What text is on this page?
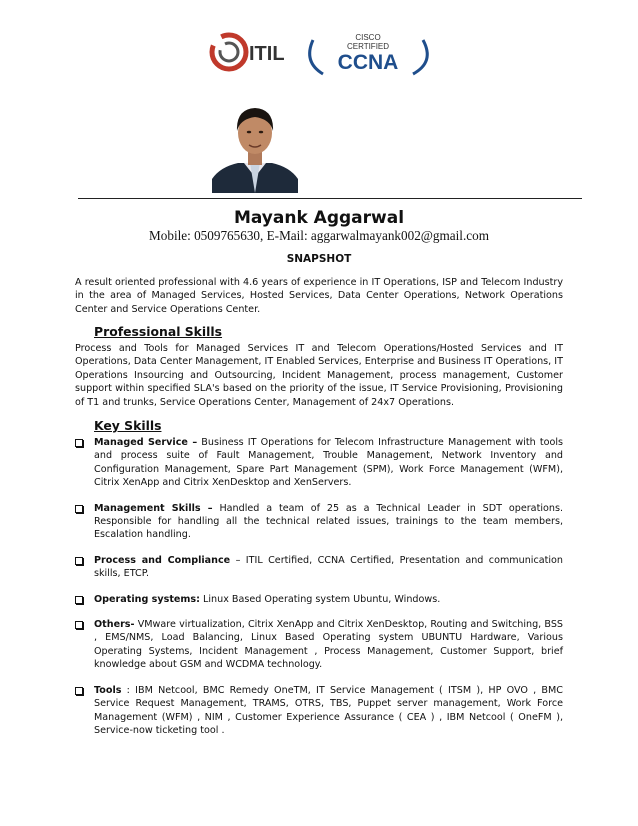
ITIL
CISCO
CERTIFIED
CCNA
Mayank Aggarwal
Mobile: 0509765630, E-Mail: aggarwalmayank002@gmail.com
SNAPSHOT
A result oriented professional with 4.6 years of experience in IT Operations, ISP and Telecom Industry in the area of Managed Services, Hosted Services, Data Center Operations, Network Operations Center and Service Operations Center.
Professional Skills
Process and Tools for Managed Services IT and Telecom Operations/Hosted Services and IT Operations, Data Center Management, IT Enabled Services, Enterprise and Business IT Operations, IT Operations Insourcing and Outsourcing, Incident Management, process management, Customer support within specified SLA's based on the priority of the issue, IT Service Provisioning, Provisioning of T1 and trunks, Service Operations Center, Management of 24x7 Operations.
Key Skills
Managed Service – Business IT Operations for Telecom Infrastructure Management with tools and process suite of Fault Management, Trouble Management, Network Inventory and Configuration Management, Spare Part Management (SPM), Work Force Management (WFM), Citrix XenApp and Citrix XenDesktop and XenServers.
Management Skills – Handled a team of 25 as a Technical Leader in SDT operations. Responsible for handling all the technical related issues, trainings to the team members, Escalation handling.
Process and Compliance – ITIL Certified, CCNA Certified, Presentation and communication skills, ETCP.
Operating systems: Linux Based Operating system Ubuntu, Windows.
Others- VMware virtualization, Citrix XenApp and Citrix XenDesktop, Routing and Switching, BSS , EMS/NMS, Load Balancing, Linux Based Operating system UBUNTU Hardware, Various Operating Systems, Incident Management , Process Management, Customer Support, brief knowledge about GSM and WCDMA technology.
Tools : IBM Netcool, BMC Remedy OneTM, IT Service Management ( ITSM ), HP OVO , BMC Service Request Management, TRAMS, OTRS, TBS, Puppet server management, Work Force Management (WFM) , NIM , Customer Experience Assurance ( CEA ) , IBM Netcool ( OneFM ), Service-now ticketing tool .
